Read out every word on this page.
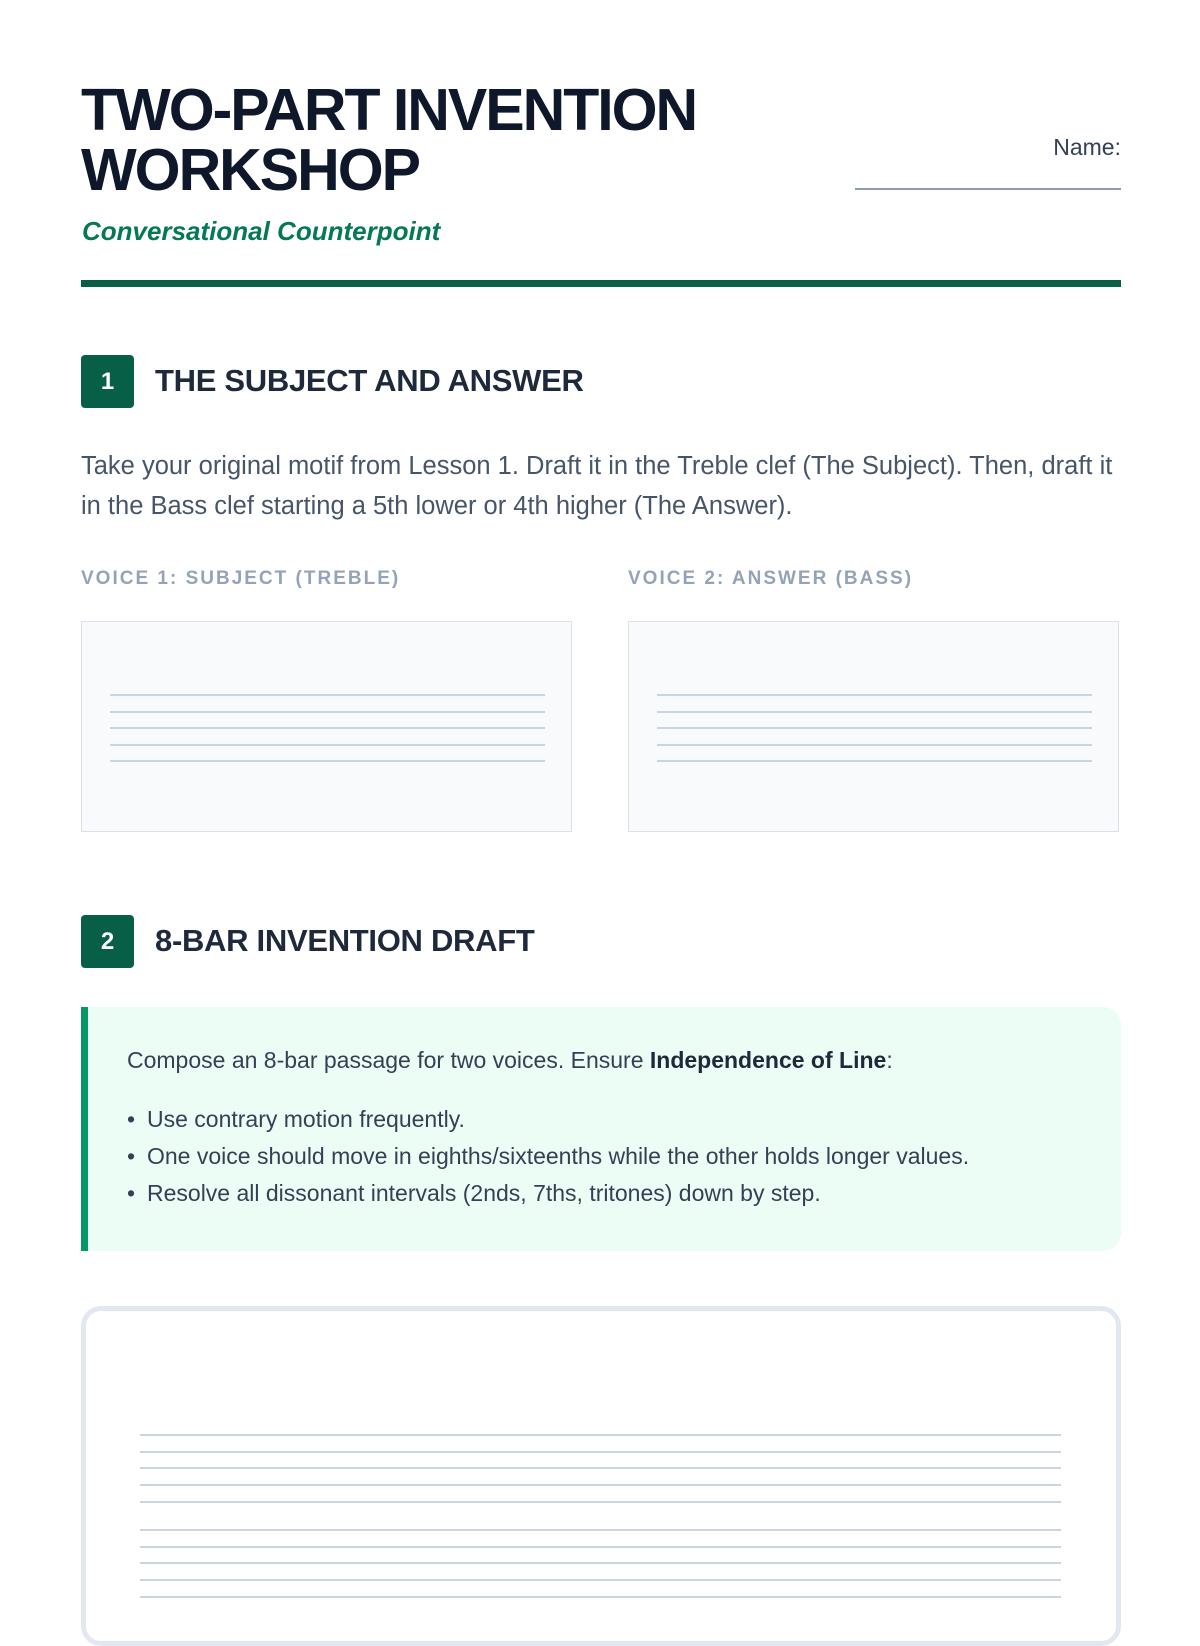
TWO-PART INVENTION
WORKSHOP

Conversational Counterpoint

Name:
1	THE SUBJECT AND ANSWER

Take your original motif from Lesson 1. Draft it in the Treble clef (The Subject). Then, draft it in the Bass clef starting a 5th lower or 4th higher (The Answer).

VOICE 1: SUBJECT (TREBLE)	VOICE 2: ANSWER (BASS)
2	8-BAR INVENTION DRAFT

Compose an 8-bar passage for two voices. Ensure Independence of Line:

• Use contrary motion frequently.
• One voice should move in eighths/sixteenths while the other holds longer values.
• Resolve all dissonant intervals (2nds, 7ths, tritones) down by step.
